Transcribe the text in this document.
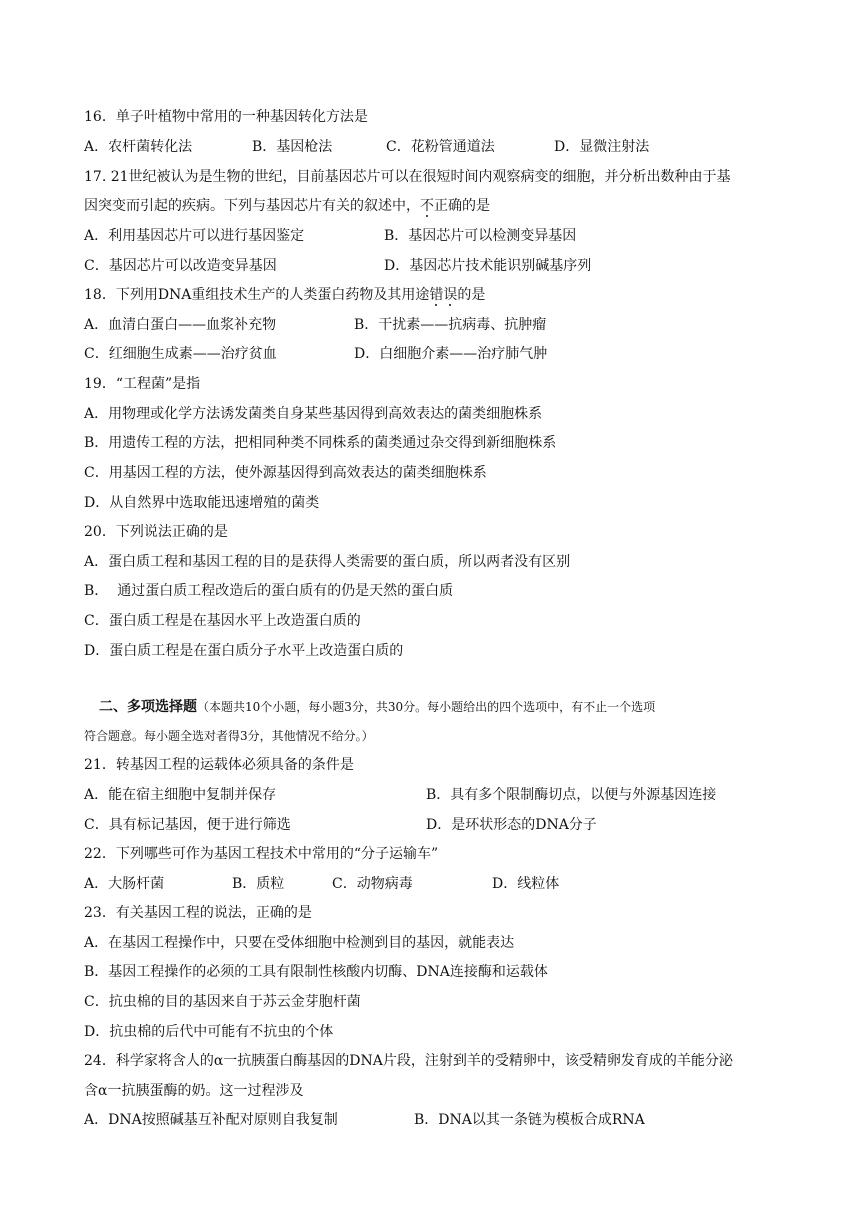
16．单子叶植物中常用的一种基因转化方法是
A．农杆菌转化法	B．基因枪法	C．花粉管通道法	D．显微注射法
17. 21世纪被认为是生物的世纪，目前基因芯片可以在很短时间内观察病变的细胞，并分析出数种由于基
因突变而引起的疾病。下列与基因芯片有关的叙述中，不正确的是
A．利用基因芯片可以进行基因鉴定	B．基因芯片可以检测变异基因
C．基因芯片可以改造变异基因	D．基因芯片技术能识别碱基序列
18．下列用DNA重组技术生产的人类蛋白药物及其用途错误的是
A．血清白蛋白——血浆补充物	B．干扰素——抗病毒、抗肿瘤
C．红细胞生成素——治疗贫血	D．白细胞介素——治疗肺气肿
19．“工程菌”是指
A．用物理或化学方法诱发菌类自身某些基因得到高效表达的菌类细胞株系
B．用遗传工程的方法，把相同种类不同株系的菌类通过杂交得到新细胞株系
C．用基因工程的方法，使外源基因得到高效表达的菌类细胞株系
D．从自然界中选取能迅速增殖的菌类
20．下列说法正确的是
A．蛋白质工程和基因工程的目的是获得人类需要的蛋白质，所以两者没有区别
B．  通过蛋白质工程改造后的蛋白质有的仍是天然的蛋白质
C．蛋白质工程是在基因水平上改造蛋白质的
D．蛋白质工程是在蛋白质分子水平上改造蛋白质的
二、多项选择题（本题共10个小题，每小题3分，共30分。每小题给出的四个选项中，有不止一个选项
符合题意。每小题全选对者得3分，其他情况不给分。）
21．转基因工程的运载体必须具备的条件是
A．能在宿主细胞中复制并保存	B．具有多个限制酶切点，以便与外源基因连接
C．具有标记基因，便于进行筛选	D．是环状形态的DNA分子
22．下列哪些可作为基因工程技术中常用的“分子运输车”
A．大肠杆菌	B．质粒	C．动物病毒	D．线粒体
23．有关基因工程的说法，正确的是
A．在基因工程操作中，只要在受体细胞中检测到目的基因，就能表达
B．基因工程操作的必须的工具有限制性核酸内切酶、DNA连接酶和运载体
C．抗虫棉的目的基因来自于苏云金芽胞杆菌
D．抗虫棉的后代中可能有不抗虫的个体
24．科学家将含人的α一抗胰蛋白酶基因的DNA片段，注射到羊的受精卵中，该受精卵发育成的羊能分泌
含α一抗胰蛋酶的奶。这一过程涉及
A．DNA按照碱基互补配对原则自我复制	B．DNA以其一条链为模板合成RNA
